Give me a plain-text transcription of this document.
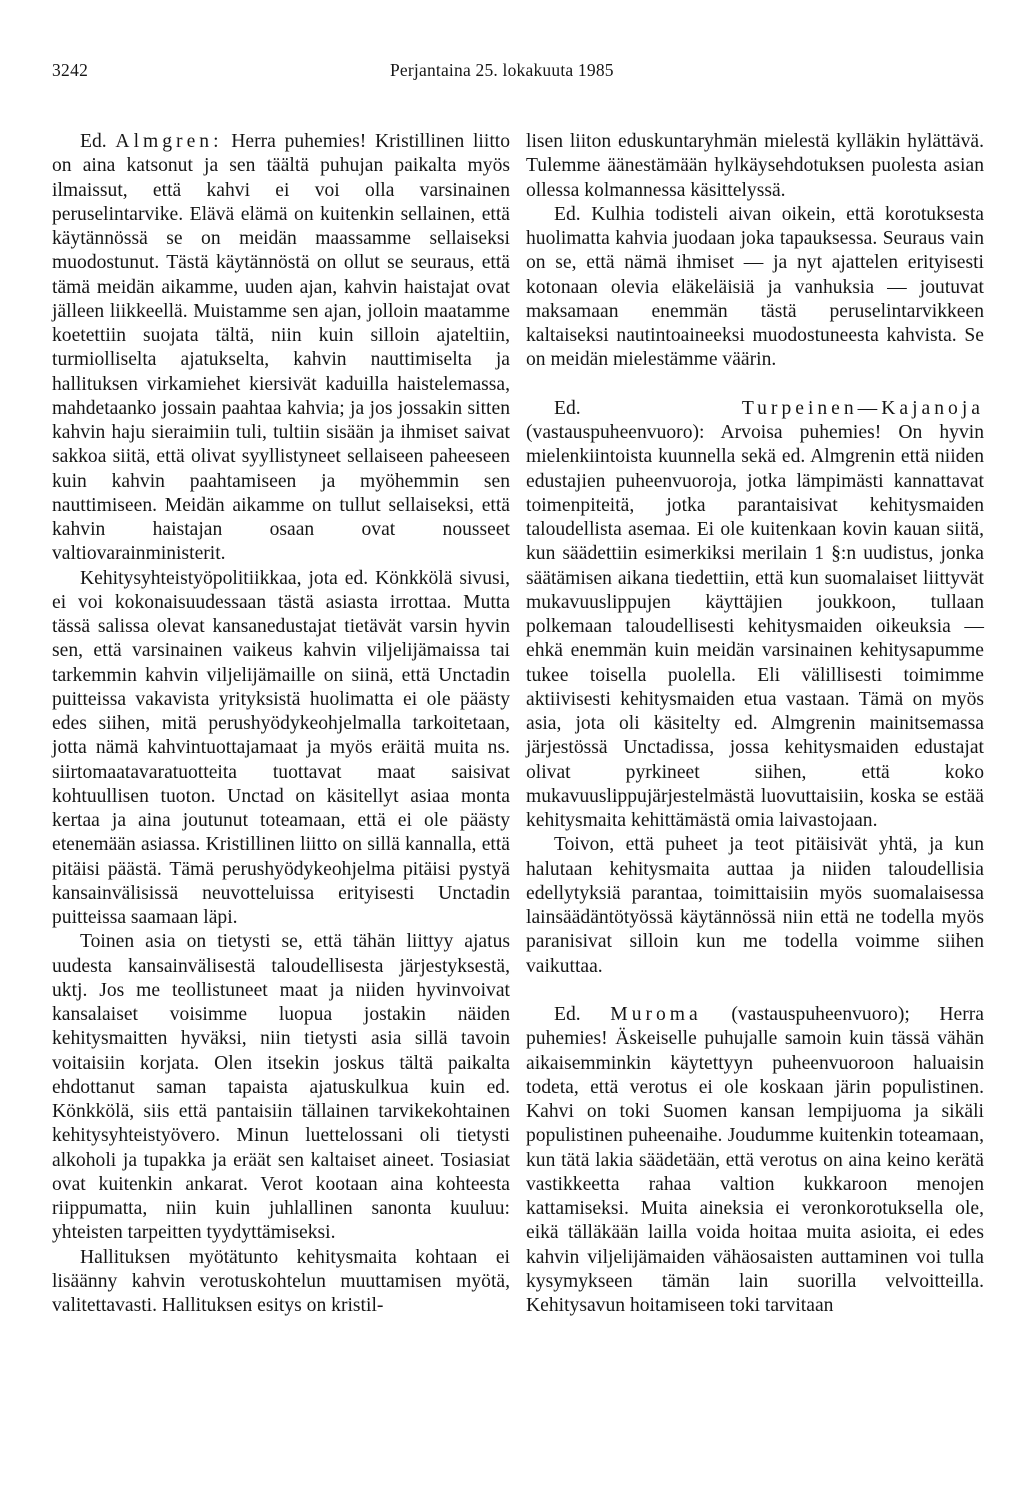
3242	Perjantaina 25. lokakuuta 1985

Ed. Almgren: Herra puhemies! Kristillinen liitto on aina katsonut ja sen täältä puhujan paikalta myös ilmaissut, että kahvi ei voi olla varsinainen peruselintarvike. Elävä elämä on kuitenkin sellainen, että käytännössä se on meidän maassamme sellaiseksi muodostunut. Tästä käytännöstä on ollut se seuraus, että tämä meidän aikamme, uuden ajan, kahvin haistajat ovat jälleen liikkeellä. Muistamme sen ajan, jolloin maatamme koetettiin suojata tältä, niin kuin silloin ajateltiin, turmiolliselta ajatukselta, kahvin nauttimiselta ja hallituksen virkamiehet kiersivät kaduilla haistelemassa, mahdetaanko jossain paahtaa kahvia; ja jos jossakin sitten kahvin haju sieraimiin tuli, tultiin sisään ja ihmiset saivat sakkoa siitä, että olivat syyllistyneet sellaiseen paheeseen kuin kahvin paahtamiseen ja myöhemmin sen nauttimiseen. Meidän aikamme on tullut sellaiseksi, että kahvin haistajan osaan ovat nousseet valtiovarainministerit.

Kehitysyhteistyöpolitiikkaa, jota ed. Könkkölä sivusi, ei voi kokonaisuudessaan tästä asiasta irrottaa. Mutta tässä salissa olevat kansanedustajat tietävät varsin hyvin sen, että varsinainen vaikeus kahvin viljelijämaissa tai tarkemmin kahvin viljelijämaille on siinä, että Unctadin puitteissa vakavista yrityksistä huolimatta ei ole päästy edes siihen, mitä perushyödykeohjelmalla tarkoitetaan, jotta nämä kahvintuottajamaat ja myös eräitä muita ns. siirtomaatavaratuotteita tuottavat maat saisivat kohtuullisen tuoton. Unctad on käsitellyt asiaa monta kertaa ja aina joutunut toteamaan, että ei ole päästy etenemään asiassa. Kristillinen liitto on sillä kannalla, että pitäisi päästä. Tämä perushyödykeohjelma pitäisi pystyä kansainvälisissä neuvotteluissa erityisesti Unctadin puitteissa saamaan läpi.

Toinen asia on tietysti se, että tähän liittyy ajatus uudesta kansainvälisestä taloudellisesta järjestyksestä, uktj. Jos me teollistuneet maat ja niiden hyvinvoivat kansalaiset voisimme luopua jostakin näiden kehitysmaitten hyväksi, niin tietysti asia sillä tavoin voitaisiin korjata. Olen itsekin joskus tältä paikalta ehdottanut saman tapaista ajatuskulkua kuin ed. Könkkölä, siis että pantaisiin tällainen tarvikekohtainen kehitysyhteistyövero. Minun luettelossani oli tietysti alkoholi ja tupakka ja eräät sen kaltaiset aineet. Tosiasiat ovat kuitenkin ankarat. Verot kootaan aina kohteesta riippumatta, niin kuin juhlallinen sanonta kuuluu: yhteisten tarpeitten tyydyttämiseksi.

Hallituksen myötätunto kehitysmaita kohtaan ei lisäänny kahvin verotuskohtelun muuttamisen myötä, valitettavasti. Hallituksen esitys on kristil-

lisen liiton eduskuntaryhmän mielestä kylläkin hylättävä. Tulemme äänestämään hylkäysehdotuksen puolesta asian ollessa kolmannessa käsittelyssä.

Ed. Kulhia todisteli aivan oikein, että korotuksesta huolimatta kahvia juodaan joka tapauksessa. Seuraus vain on se, että nämä ihmiset — ja nyt ajattelen erityisesti kotonaan olevia eläkeläisiä ja vanhuksia — joutuvat maksamaan enemmän tästä peruselintarvikkeen kaltaiseksi nautintoaineeksi muodostuneesta kahvista. Se on meidän mielestämme väärin.

Ed. Turpeinen—Kajanoja (vastauspuheenvuoro): Arvoisa puhemies! On hyvin mielenkiintoista kuunnella sekä ed. Almgrenin että niiden edustajien puheenvuoroja, jotka lämpimästi kannattavat toimenpiteitä, jotka parantaisivat kehitysmaiden taloudellista asemaa. Ei ole kuitenkaan kovin kauan siitä, kun säädettiin esimerkiksi merilain 1 §:n uudistus, jonka säätämisen aikana tiedettiin, että kun suomalaiset liittyvät mukavuuslippujen käyttäjien joukkoon, tullaan polkemaan taloudellisesti kehitysmaiden oikeuksia — ehkä enemmän kuin meidän varsinainen kehitysapumme tukee toisella puolella. Eli välillisesti toimimme aktiivisesti kehitysmaiden etua vastaan. Tämä on myös asia, jota oli käsitelty ed. Almgrenin mainitsemassa järjestössä Unctadissa, jossa kehitysmaiden edustajat olivat pyrkineet siihen, että koko mukavuuslippujärjestelmästä luovuttaisiin, koska se estää kehitysmaita kehittämästä omia laivastojaan.

Toivon, että puheet ja teot pitäisivät yhtä, ja kun halutaan kehitysmaita auttaa ja niiden taloudellisia edellytyksiä parantaa, toimittaisiin myös suomalaisessa lainsäädäntötyössä käytännössä niin että ne todella myös paranisivat silloin kun me todella voimme siihen vaikuttaa.

Ed. Muroma (vastauspuheenvuoro); Herra puhemies! Äskeiselle puhujalle samoin kuin tässä vähän aikaisemminkin käytettyyn puheenvuoroon haluaisin todeta, että verotus ei ole koskaan järin populistinen. Kahvi on toki Suomen kansan lempijuoma ja sikäli populistinen puheenaihe. Joudumme kuitenkin toteamaan, kun tätä lakia säädetään, että verotus on aina keino kerätä vastikkeetta rahaa valtion kukkaroon menojen kattamiseksi. Muita aineksia ei veronkorotuksella ole, eikä tälläkään lailla voida hoitaa muita asioita, ei edes kahvin viljelijämaiden vähäosaisten auttaminen voi tulla kysymykseen tämän lain suorilla velvoitteilla. Kehitysavun hoitamiseen toki tarvitaan
